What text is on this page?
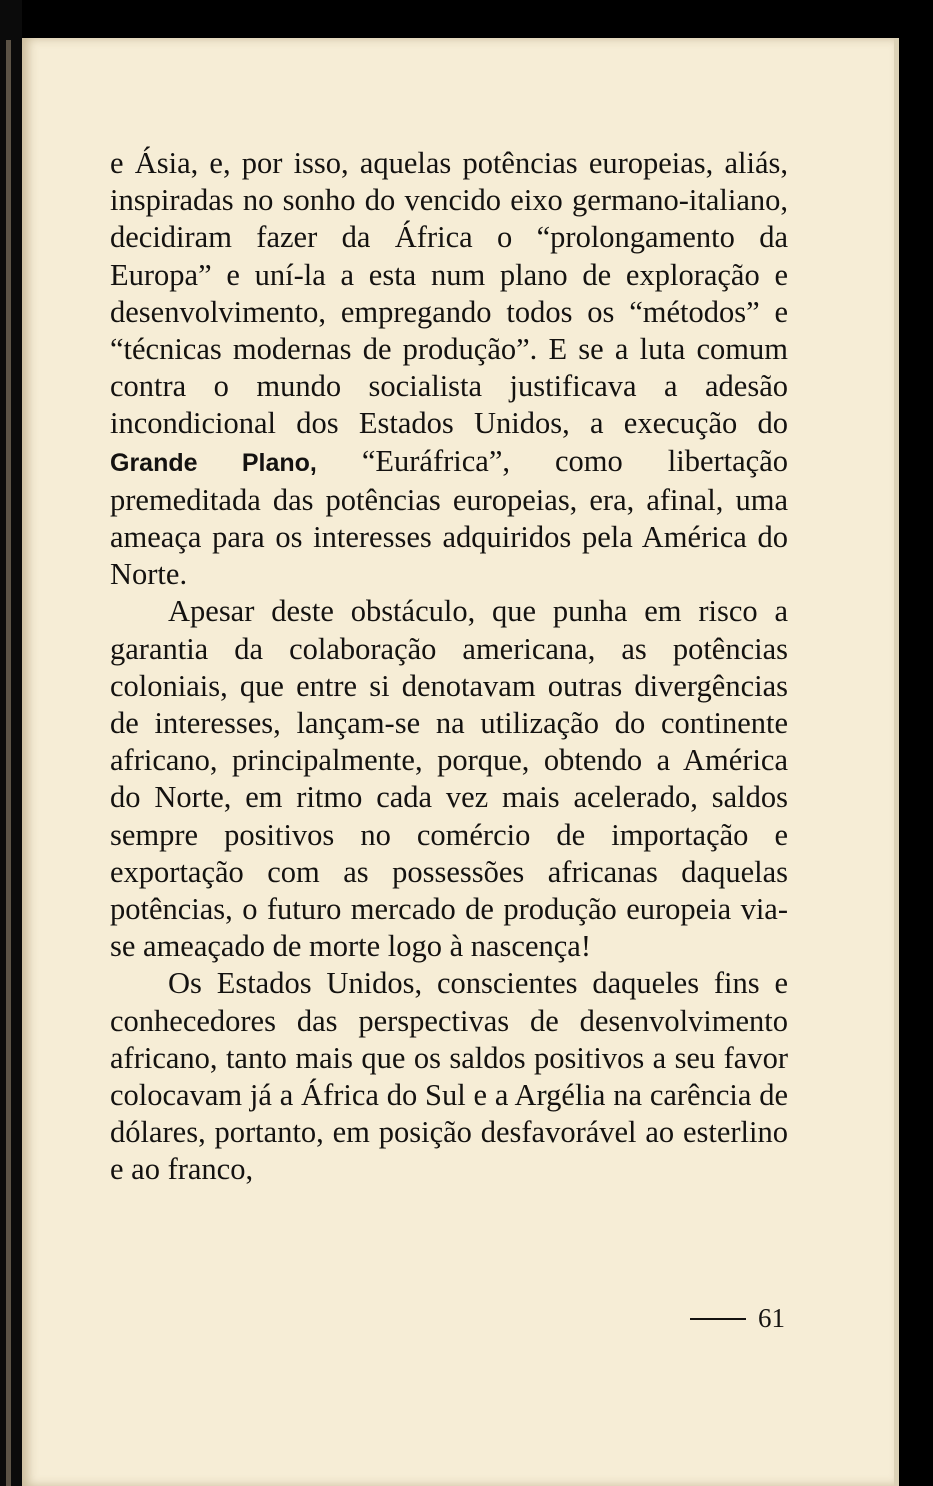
e Ásia, e, por isso, aquelas potências europeias, aliás, inspiradas no sonho do vencido eixo germano-italiano, decidiram fazer da África o “prolongamento da Europa” e uní-la a esta num plano de exploração e desenvolvimento, empregando todos os “métodos” e “técnicas modernas de produção”. E se a luta comum contra o mundo socialista justificava a adesão incondicional dos Estados Unidos, a execução do Grande Plano, “Euráfrica”, como libertação premeditada das potências europeias, era, afinal, uma ameaça para os interesses adquiridos pela América do Norte.

Apesar deste obstáculo, que punha em risco a garantia da colaboração americana, as potências coloniais, que entre si denotavam outras divergências de interesses, lançam-se na utilização do continente africano, principalmente, porque, obtendo a América do Norte, em ritmo cada vez mais acelerado, saldos sempre positivos no comércio de importação e exportação com as possessões africanas daquelas potências, o futuro mercado de produção europeia via-se ameaçado de morte logo à nascença!

Os Estados Unidos, conscientes daqueles fins e conhecedores das perspectivas de desenvolvimento africano, tanto mais que os saldos positivos a seu favor colocavam já a África do Sul e a Argélia na carência de dólares, portanto, em posição desfavorável ao esterlino e ao franco,

61
